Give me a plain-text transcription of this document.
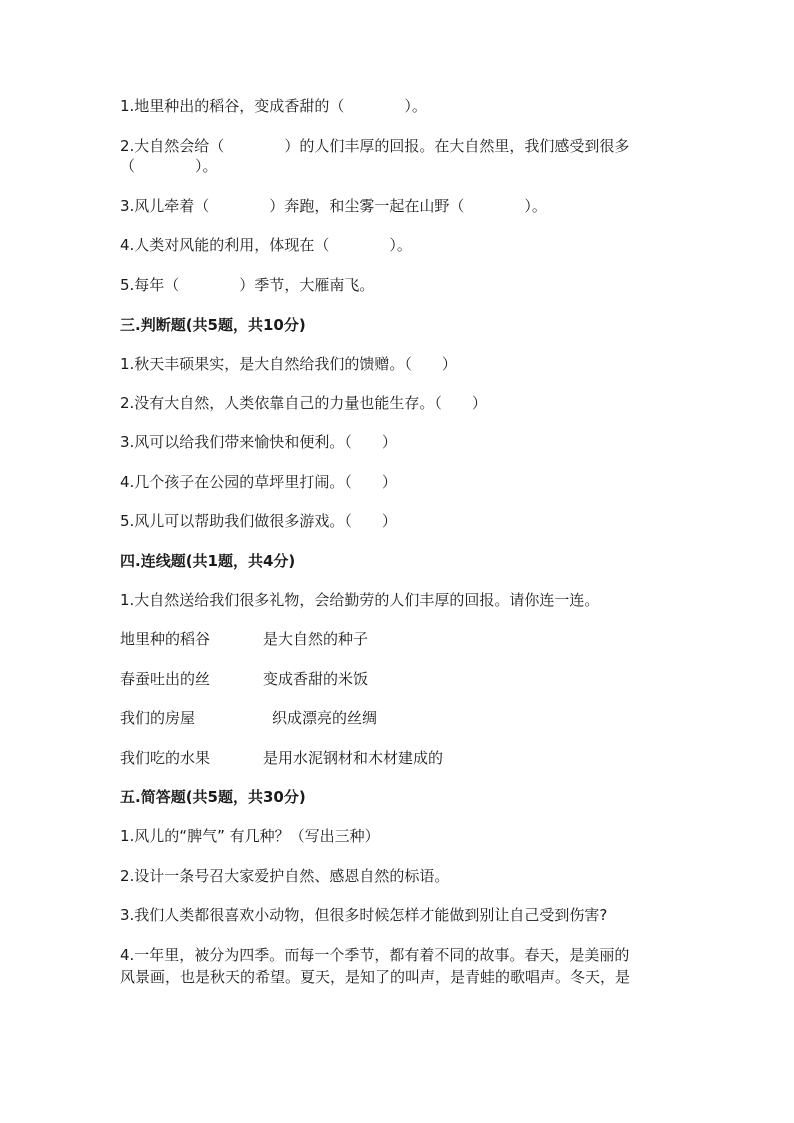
1.地里种出的稻谷，变成香甜的（　　　　）。
2.大自然会给（　　　　）的人们丰厚的回报。在大自然里，我们感受到很多
（　　　　）。
3.风儿牵着（　　　　）奔跑，和尘雾一起在山野（　　　　）。
4.人类对风能的利用，体现在（　　　　）。
5.每年（　　　　）季节，大雁南飞。
三.判断题(共5题，共10分)
1.秋天丰硕果实，是大自然给我们的馈赠。（　　）
2.没有大自然，人类依靠自己的力量也能生存。（　　）
3.风可以给我们带来愉快和便利。（　　）
4.几个孩子在公园的草坪里打闹。（　　）
5.风儿可以帮助我们做很多游戏。（　　）
四.连线题(共1题，共4分)
1.大自然送给我们很多礼物，会给勤劳的人们丰厚的回报。请你连一连。
地里种的稻谷	是大自然的种子
春蚕吐出的丝	变成香甜的米饭
我们的房屋	织成漂亮的丝绸
我们吃的水果	是用水泥钢材和木材建成的
五.简答题(共5题，共30分)
1.风儿的“脾气” 有几种？（写出三种）
2.设计一条号召大家爱护自然、感恩自然的标语。
3.我们人类都很喜欢小动物，但很多时候怎样才能做到别让自己受到伤害?
4.一年里，被分为四季。而每一个季节，都有着不同的故事。春天，是美丽的
风景画，也是秋天的希望。夏天，是知了的叫声，是青蛙的歌唱声。冬天，是
